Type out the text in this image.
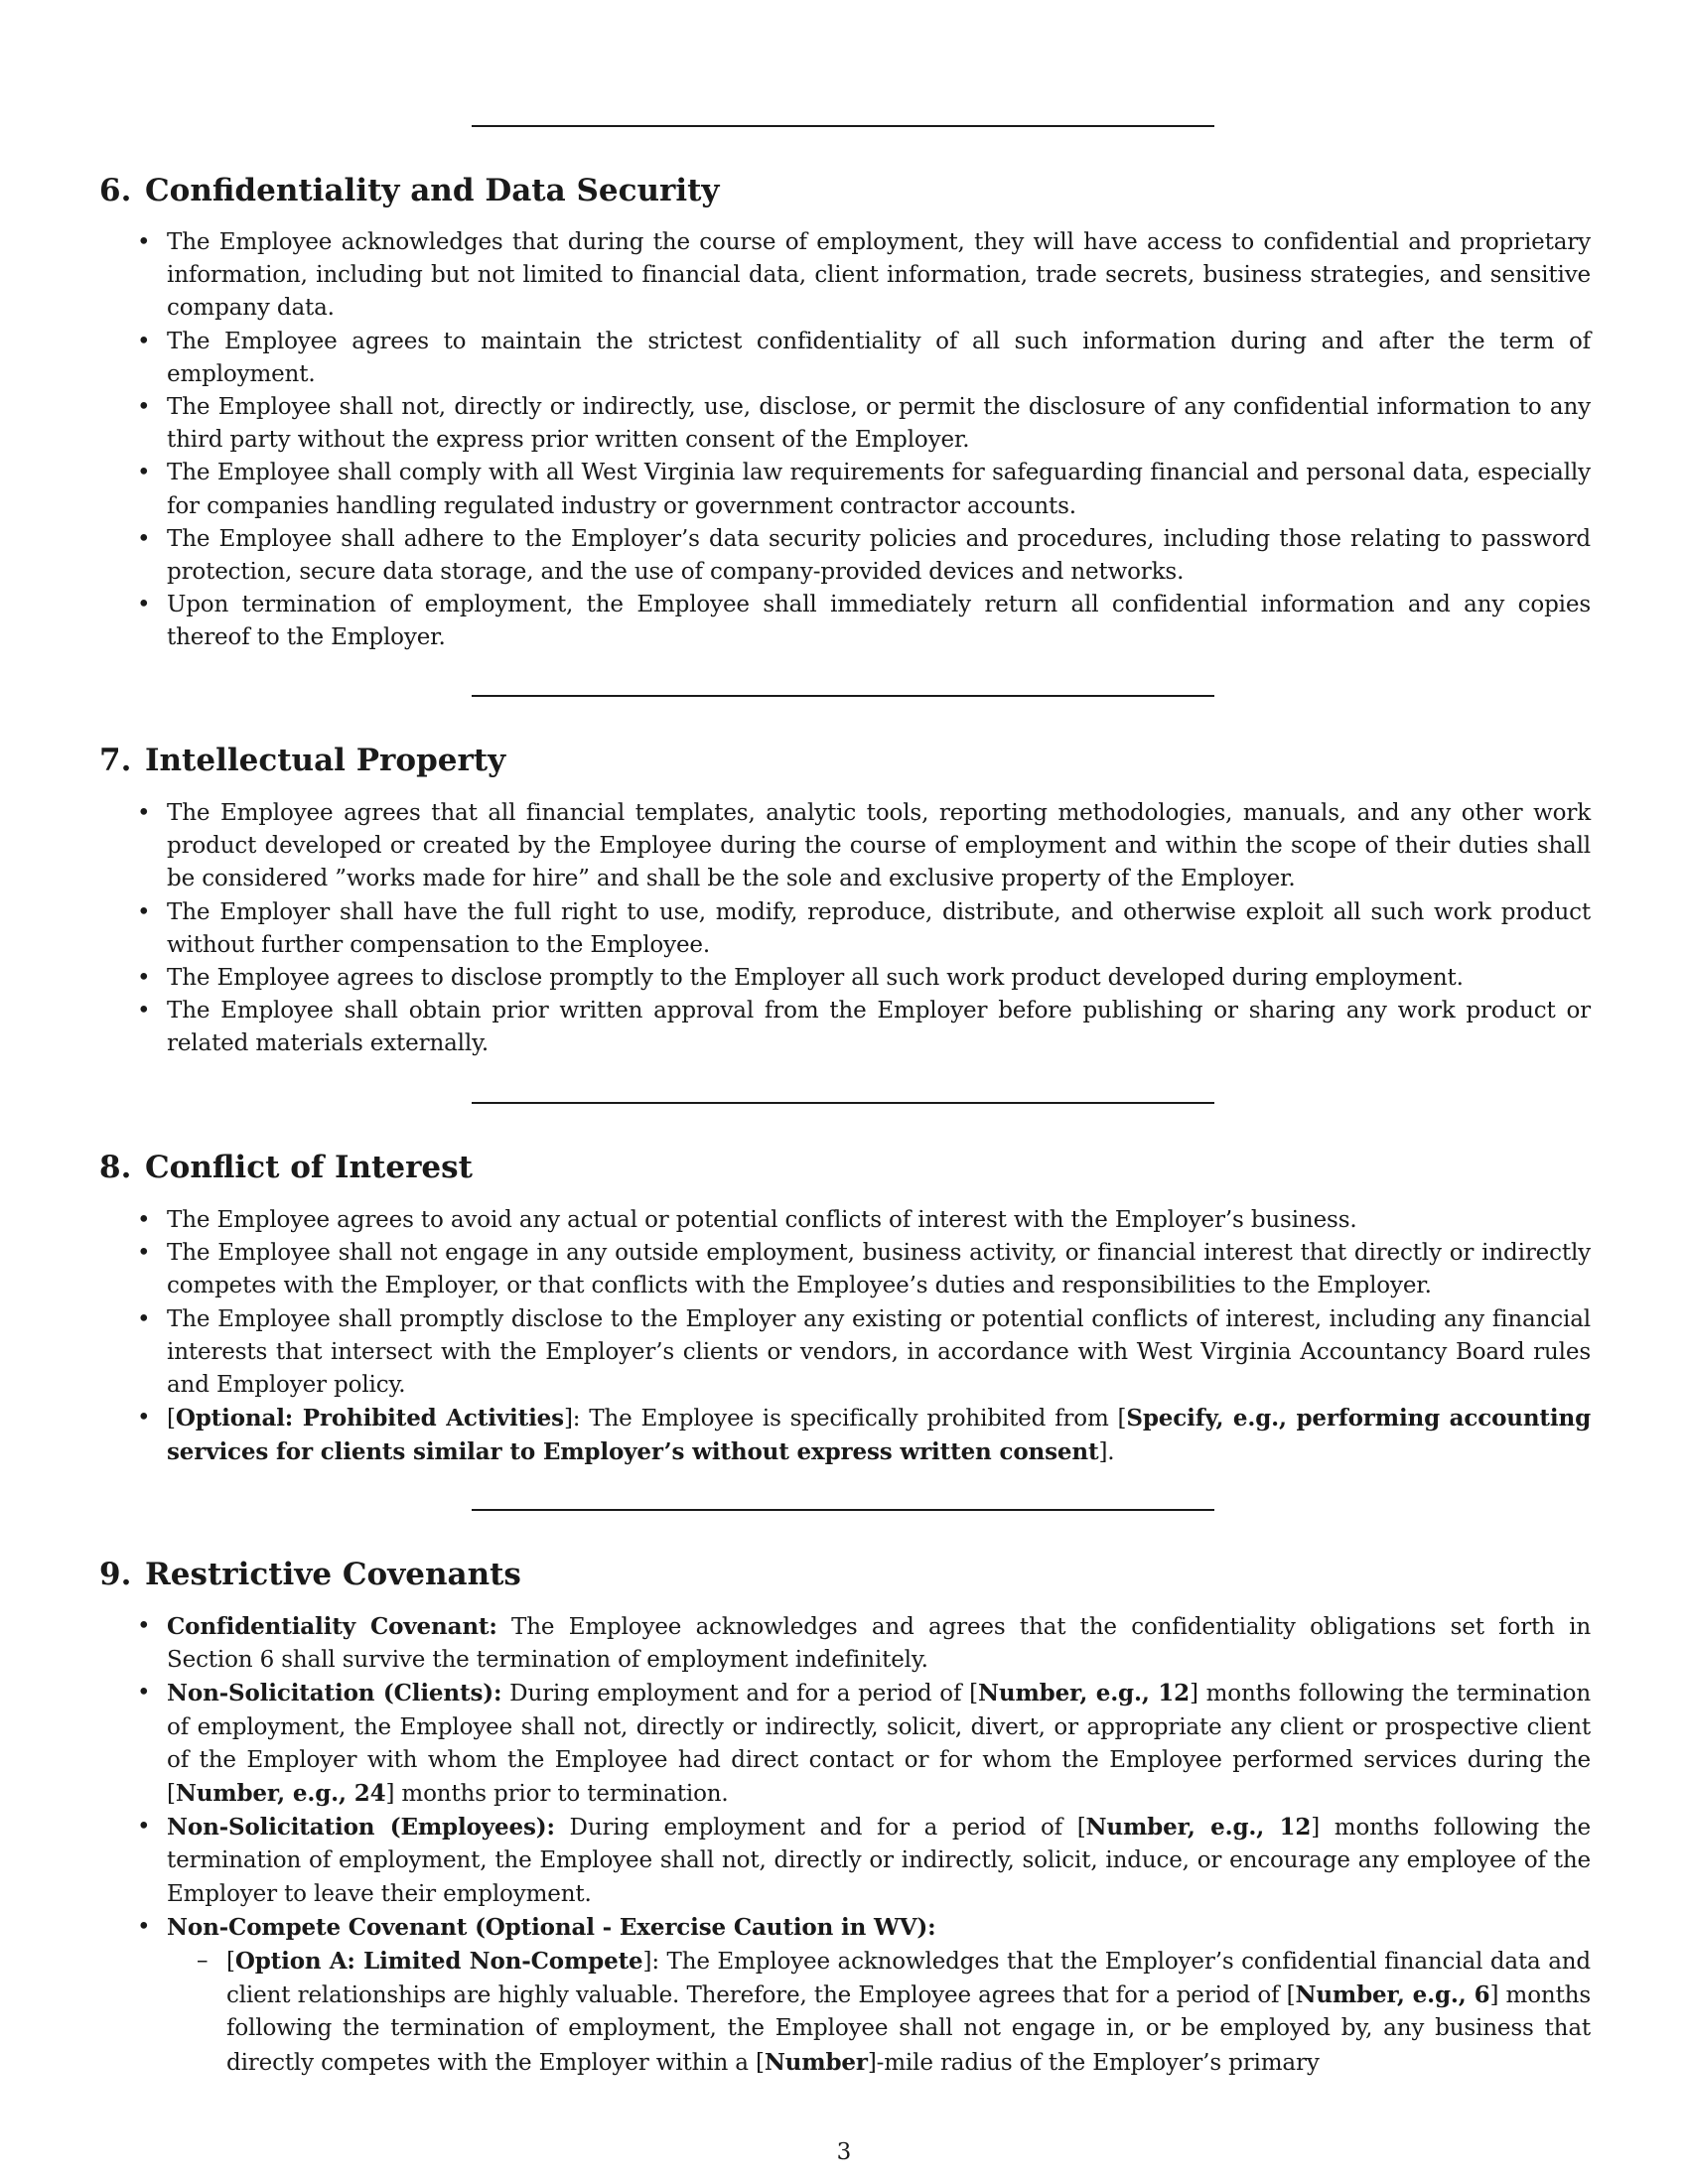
6. Confidentiality and Data Security
• The Employee acknowledges that during the course of employment, they will have access to confidential and proprietary information, including but not limited to financial data, client information, trade secrets, business strategies, and sensitive company data.
• The Employee agrees to maintain the strictest confidentiality of all such information during and after the term of employment.
• The Employee shall not, directly or indirectly, use, disclose, or permit the disclosure of any confidential information to any third party without the express prior written consent of the Employer.
• The Employee shall comply with all West Virginia law requirements for safeguarding financial and personal data, especially for companies handling regulated industry or government contractor accounts.
• The Employee shall adhere to the Employer’s data security policies and procedures, including those relating to password protection, secure data storage, and the use of company-provided devices and networks.
• Upon termination of employment, the Employee shall immediately return all confidential information and any copies thereof to the Employer.
7. Intellectual Property
• The Employee agrees that all financial templates, analytic tools, reporting methodologies, manuals, and any other work product developed or created by the Employee during the course of employment and within the scope of their duties shall be considered ”works made for hire” and shall be the sole and exclusive property of the Employer.
• The Employer shall have the full right to use, modify, reproduce, distribute, and otherwise exploit all such work product without further compensation to the Employee.
• The Employee agrees to disclose promptly to the Employer all such work product developed during employment.
• The Employee shall obtain prior written approval from the Employer before publishing or sharing any work product or related materials externally.
8. Conflict of Interest
• The Employee agrees to avoid any actual or potential conflicts of interest with the Employer’s business.
• The Employee shall not engage in any outside employment, business activity, or financial interest that directly or indirectly competes with the Employer, or that conflicts with the Employee’s duties and responsibilities to the Employer.
• The Employee shall promptly disclose to the Employer any existing or potential conflicts of interest, including any financial interests that intersect with the Employer’s clients or vendors, in accordance with West Virginia Accountancy Board rules and Employer policy.
• [Optional: Prohibited Activities]: The Employee is specifically prohibited from [Specify, e.g., performing accounting services for clients similar to Employer’s without express written consent].
9. Restrictive Covenants
• Confidentiality Covenant: The Employee acknowledges and agrees that the confidentiality obligations set forth in Section 6 shall survive the termination of employment indefinitely.
• Non-Solicitation (Clients): During employment and for a period of [Number, e.g., 12] months following the termination of employment, the Employee shall not, directly or indirectly, solicit, divert, or appropriate any client or prospective client of the Employer with whom the Employee had direct contact or for whom the Employee performed services during the [Number, e.g., 24] months prior to termination.
• Non-Solicitation (Employees): During employment and for a period of [Number, e.g., 12] months following the termination of employment, the Employee shall not, directly or indirectly, solicit, induce, or encourage any employee of the Employer to leave their employment.
• Non-Compete Covenant (Optional - Exercise Caution in WV):
– [Option A: Limited Non-Compete]: The Employee acknowledges that the Employer’s confidential financial data and client relationships are highly valuable. Therefore, the Employee agrees that for a period of [Number, e.g., 6] months following the termination of employment, the Employee shall not engage in, or be employed by, any business that directly competes with the Employer within a [Number]-mile radius of the Employer’s primary
3
